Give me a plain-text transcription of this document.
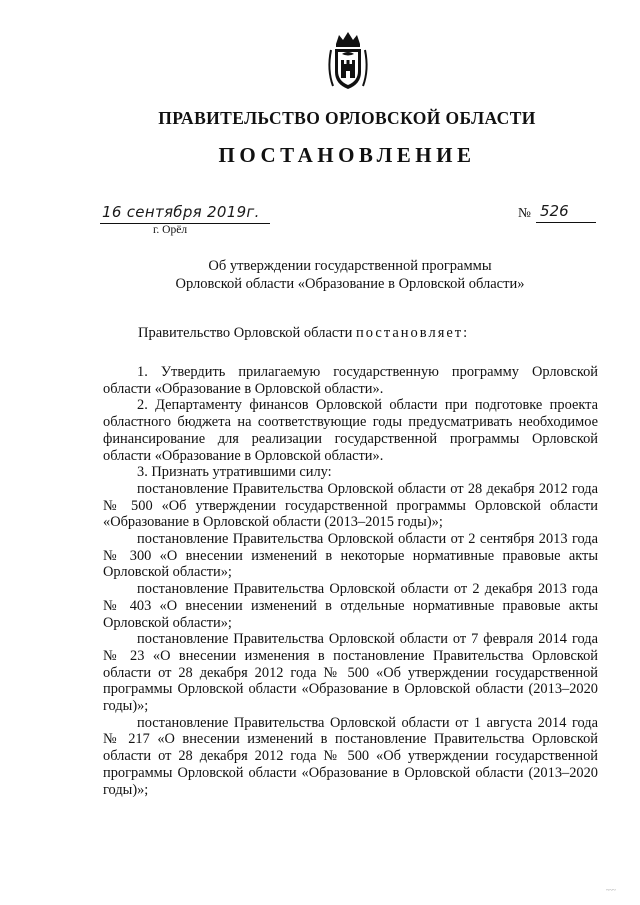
ПРАВИТЕЛЬСТВО ОРЛОВСКОЙ ОБЛАСТИ
ПОСТАНОВЛЕНИЕ
16 сентября 2019г.
г. Орёл
№ 526
Об утверждении государственной программы
Орловской области «Образование в Орловской области»
Правительство Орловской области постановляет:

1. Утвердить прилагаемую государственную программу Орловской области «Образование в Орловской области».

2. Департаменту финансов Орловской области при подготовке проекта областного бюджета на соответствующие годы предусматривать необходимое финансирование для реализации государственной программы Орловской области «Образование в Орловской области».

3. Признать утратившими силу:

постановление Правительства Орловской области от 28 декабря 2012 года № 500 «Об утверждении государственной программы Орловской области «Образование в Орловской области (2013–2015 годы)»;

постановление Правительства Орловской области от 2 сентября 2013 года № 300 «О внесении изменений в некоторые нормативные правовые акты Орловской области»;

постановление Правительства Орловской области от 2 декабря 2013 года № 403 «О внесении изменений в отдельные нормативные правовые акты Орловской области»;

постановление Правительства Орловской области от 7 февраля 2014 года № 23 «О внесении изменения в постановление Правительства Орловской области от 28 декабря 2012 года № 500 «Об утверждении государственной программы Орловской области «Образование в Орловской области (2013–2020 годы)»;

постановление Правительства Орловской области от 1 августа 2014 года № 217 «О внесении изменений в постановление Правительства Орловской области от 28 декабря 2012 года № 500 «Об утверждении государственной программы Орловской области «Образование в Орловской области (2013–2020 годы)»;

~~~
